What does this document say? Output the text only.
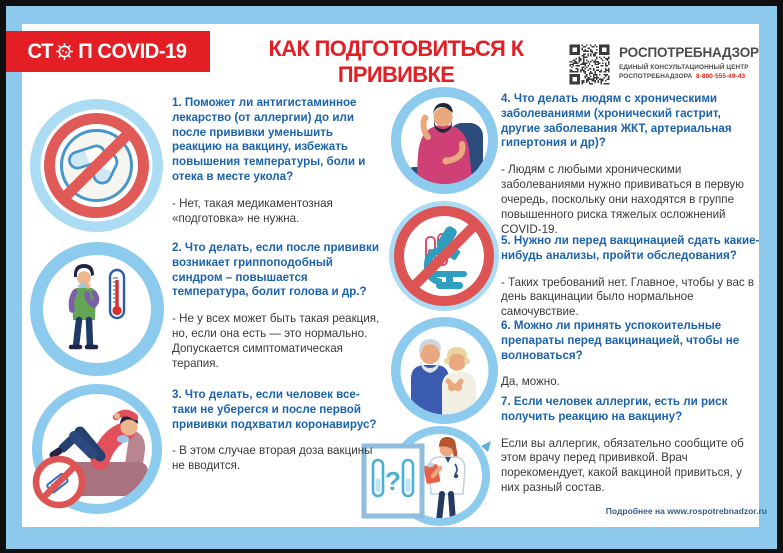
СТ П COVID-19	КАК ПОДГОТОВИТЬСЯ К ПРИВИВКЕ
РОСПОТРЕБНАДЗОР
ЕДИНЫЙ КОНСУЛЬТАЦИОННЫЙ ЦЕНТР
РОСПОТРЕБНАДЗОРА 8-800-555-49-43
?

1. Поможет ли антигистаминное лекарство (от аллергии) до или после прививки уменьшить реакцию на вакцину, избежать повышения температуры, боли и отека в месте укола?

- Нет, такая медикаментозная «подготовка» не нужна.

2. Что делать, если после прививки возникает гриппоподобный синдром – повышается температура, болит голова и др.?

- Не у всех может быть такая реакция, но, если она есть — это нормально. Допускается симптоматическая терапия.

3. Что делать, если человек все-таки не уберегся и после первой прививки подхватил коронавирус?

- В этом случае вторая доза вакцины не вводится.

4. Что делать людям с хроническими заболеваниями (хронический гастрит, другие заболевания ЖКТ, артериальная гипертония и др)?

- Людям с любыми хроническими заболеваниями нужно прививаться в первую очередь, поскольку они находятся в группе повышенного риска тяжелых осложнений COVID-19.

5. Нужно ли перед вакцинацией сдать какие-нибудь анализы, пройти обследования?

- Таких требований нет. Главное, чтобы у вас в день вакцинации было нормальное самочувствие.

6. Можно ли принять успокоительные препараты перед вакцинацией, чтобы не волноваться?

Да, можно.

7. Если человек аллергик, есть ли риск получить реакцию на вакцину?

Если вы аллергик, обязательно сообщите об этом врачу перед прививкой. Врач порекомендует, какой вакциной привиться, у них разный состав.

Подробнее на www.rospotrebnadzor.ru
